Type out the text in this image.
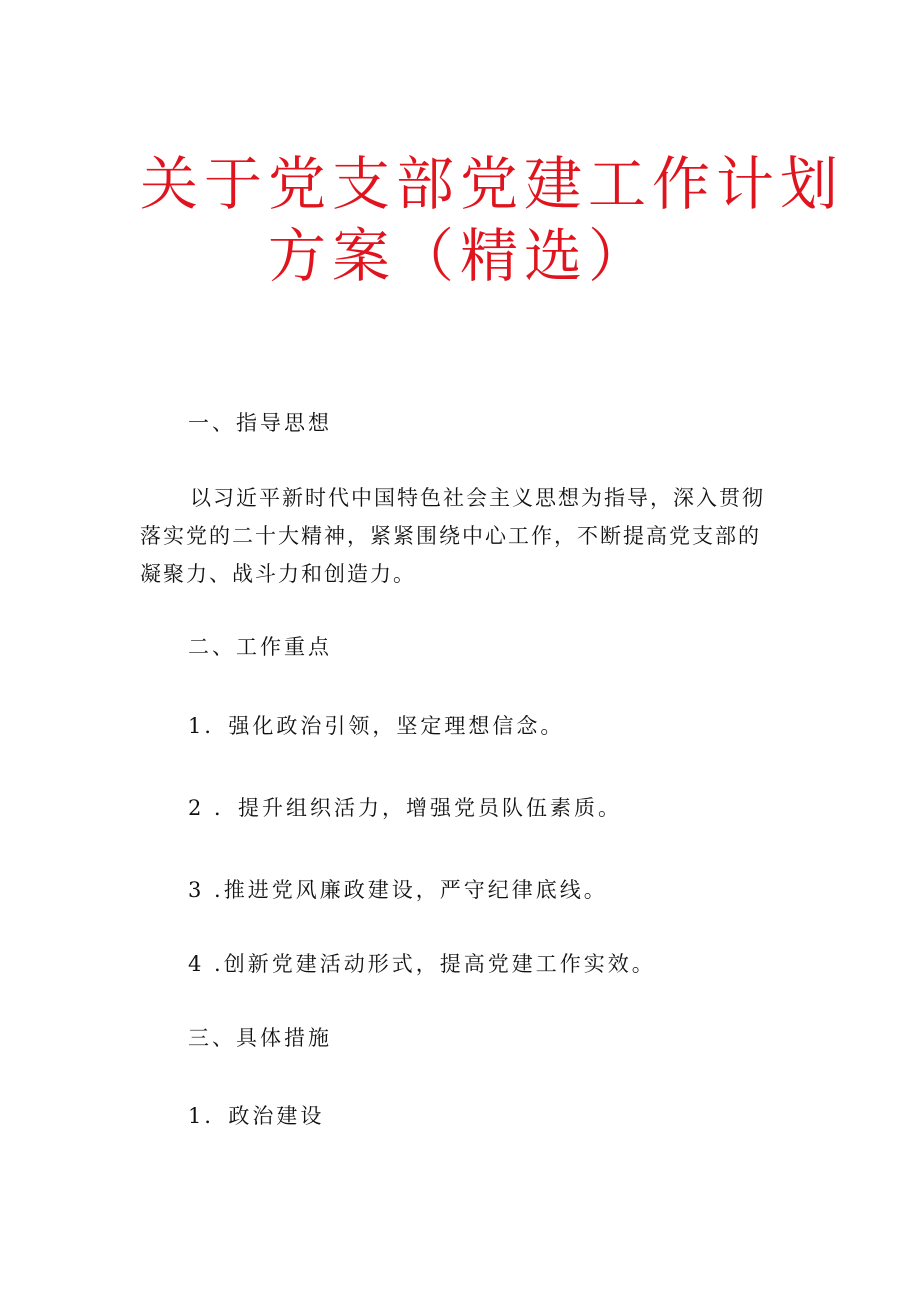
关于党支部党建工作计划
方案（精选）
一、指导思想
以习近平新时代中国特色社会主义思想为指导，深入贯彻
落实党的二十大精神，紧紧围绕中心工作，不断提高党支部的
凝聚力、战斗力和创造力。
二、工作重点
1．强化政治引领，坚定理想信念。
2 ．提升组织活力，增强党员队伍素质。
3 .推进党风廉政建设，严守纪律底线。
4 .创新党建活动形式，提高党建工作实效。
三、具体措施
1．政治建设
